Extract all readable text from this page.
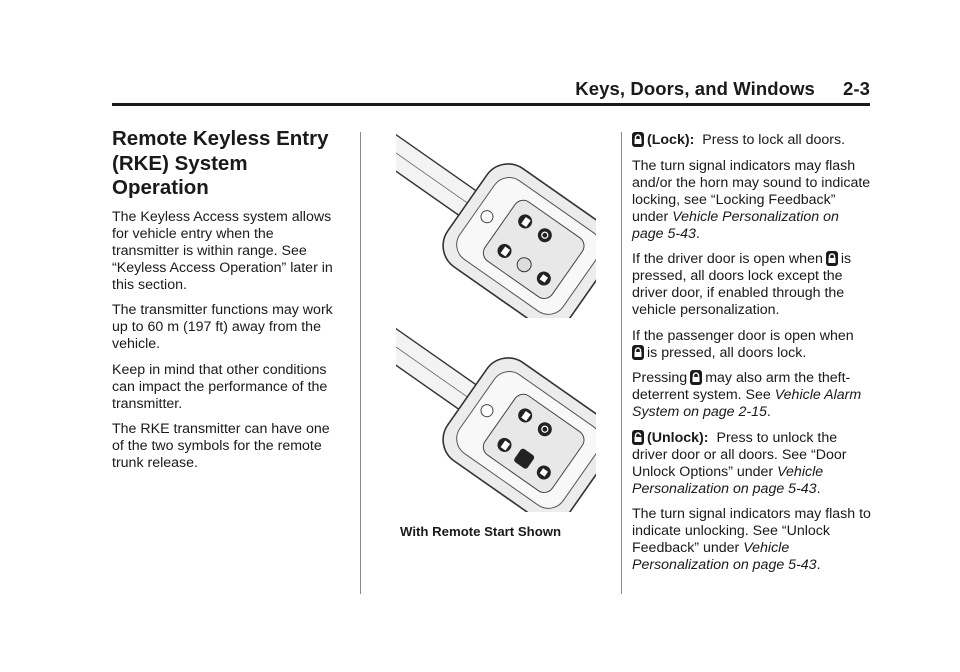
Keys, Doors, and Windows 2-3
Remote Keyless Entry (RKE) System Operation

The Keyless Access system allows for vehicle entry when the transmitter is within range. See “Keyless Access Operation” later in this section.

The transmitter functions may work up to 60 m (197 ft) away from the vehicle.

Keep in mind that other conditions can impact the performance of the transmitter.

The RKE transmitter can have one of the two symbols for the remote trunk release.

With Remote Start Shown

(Lock): Press to lock all doors.

The turn signal indicators may flash and/or the horn may sound to indicate locking, see “Locking Feedback” under Vehicle Personalization on page 5-43.

If the driver door is open when is pressed, all doors lock except the driver door, if enabled through the vehicle personalization.

If the passenger door is open when
is pressed, all doors lock.

Pressing may also arm the theft-deterrent system. See Vehicle Alarm System on page 2-15.

(Unlock): Press to unlock the driver door or all doors. See “Door Unlock Options” under Vehicle Personalization on page 5-43.

The turn signal indicators may flash to indicate unlocking. See “Unlock Feedback” under Vehicle Personalization on page 5-43.
